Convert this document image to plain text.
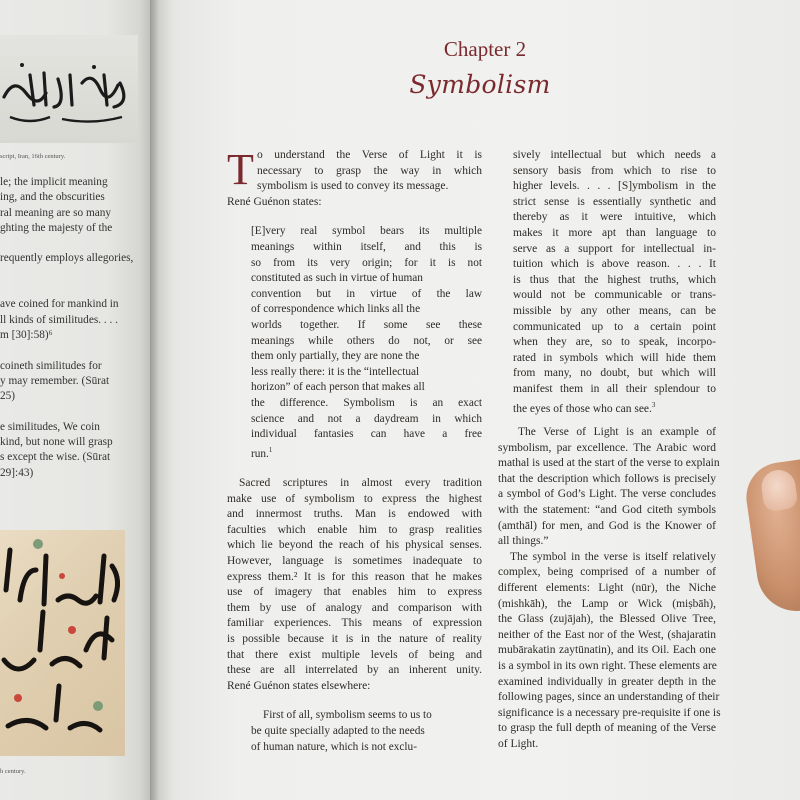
script, Iran, 16th century.
le; the implicit meaning
ing, and the obscurities
ral meaning are so many
ghting the majesty of the

requently employs allegories,

ave coined for mankind in
ll kinds of similitudes. . . .
m [30]:58)⁶

coineth similitudes for
y may remember. (Sūrat
25)

e similitudes, We coin
kind, but none will grasp
s except the wise. (Sūrat
29]:43)
h century.
Chapter 2
Symbolism
T o understand the Verse of Light it is
necessary to grasp the way in which
symbolism is used to convey its message.
René Guénon states:
[E]very real symbol bears its multiple
meanings within itself, and this is
so from its very origin; for it is not
constituted as such in virtue of human
convention but in virtue of the law
of correspondence which links all the
worlds together. If some see these
meanings while others do not, or see
them only partially, they are none the
less really there: it is the “intellectual
horizon” of each person that makes all
the difference. Symbolism is an exact
science and not a daydream in which
individual fantasies can have a free
run.$^1$
Sacred scriptures in almost every tradition
make use of symbolism to express the highest
and innermost truths. Man is endowed with
faculties which enable him to grasp realities
which lie beyond the reach of his physical senses.
However, language is sometimes inadequate to
express them.² It is for this reason that he makes
use of imagery that enables him to express
them by use of analogy and comparison with
familiar experiences. This means of expression
is possible because it is in the nature of reality
that there exist multiple levels of being and
these are all interrelated by an inherent unity.
René Guénon states elsewhere:
First of all, symbolism seems to us to
be quite specially adapted to the needs
of human nature, which is not exclu-
sively intellectual but which needs a
sensory basis from which to rise to
higher levels. . . . [S]ymbolism in the
strict sense is essentially synthetic and
thereby as it were intuitive, which
makes it more apt than language to
serve as a support for intellectual in-
tuition which is above reason. . . . It
is thus that the highest truths, which
would not be communicable or trans-
missible by any other means, can be
communicated up to a certain point
when they are, so to speak, incorpo-
rated in symbols which will hide them
from many, no doubt, but which will
manifest them in all their splendour to
the eyes of those who can see.$^3$
The Verse of Light is an example of
symbolism, par excellence. The Arabic word
mathal is used at the start of the verse to explain
that the description which follows is precisely
a symbol of God’s Light. The verse concludes
with the statement: “and God citeth symbols
(amthāl) for men, and God is the Knower of
all things.”
The symbol in the verse is itself relatively
complex, being comprised of a number of
different elements: Light (nūr), the Niche
(mishkāh), the Lamp or Wick (miṣbāh),
the Glass (zujājah), the Blessed Olive Tree,
neither of the East nor of the West, (shajaratin
mubārakatin zaytūnatin), and its Oil. Each one
is a symbol in its own right. These elements are
examined individually in greater depth in the
following pages, since an understanding of their
significance is a necessary pre-requisite if one is
to grasp the full depth of meaning of the Verse
of Light.
